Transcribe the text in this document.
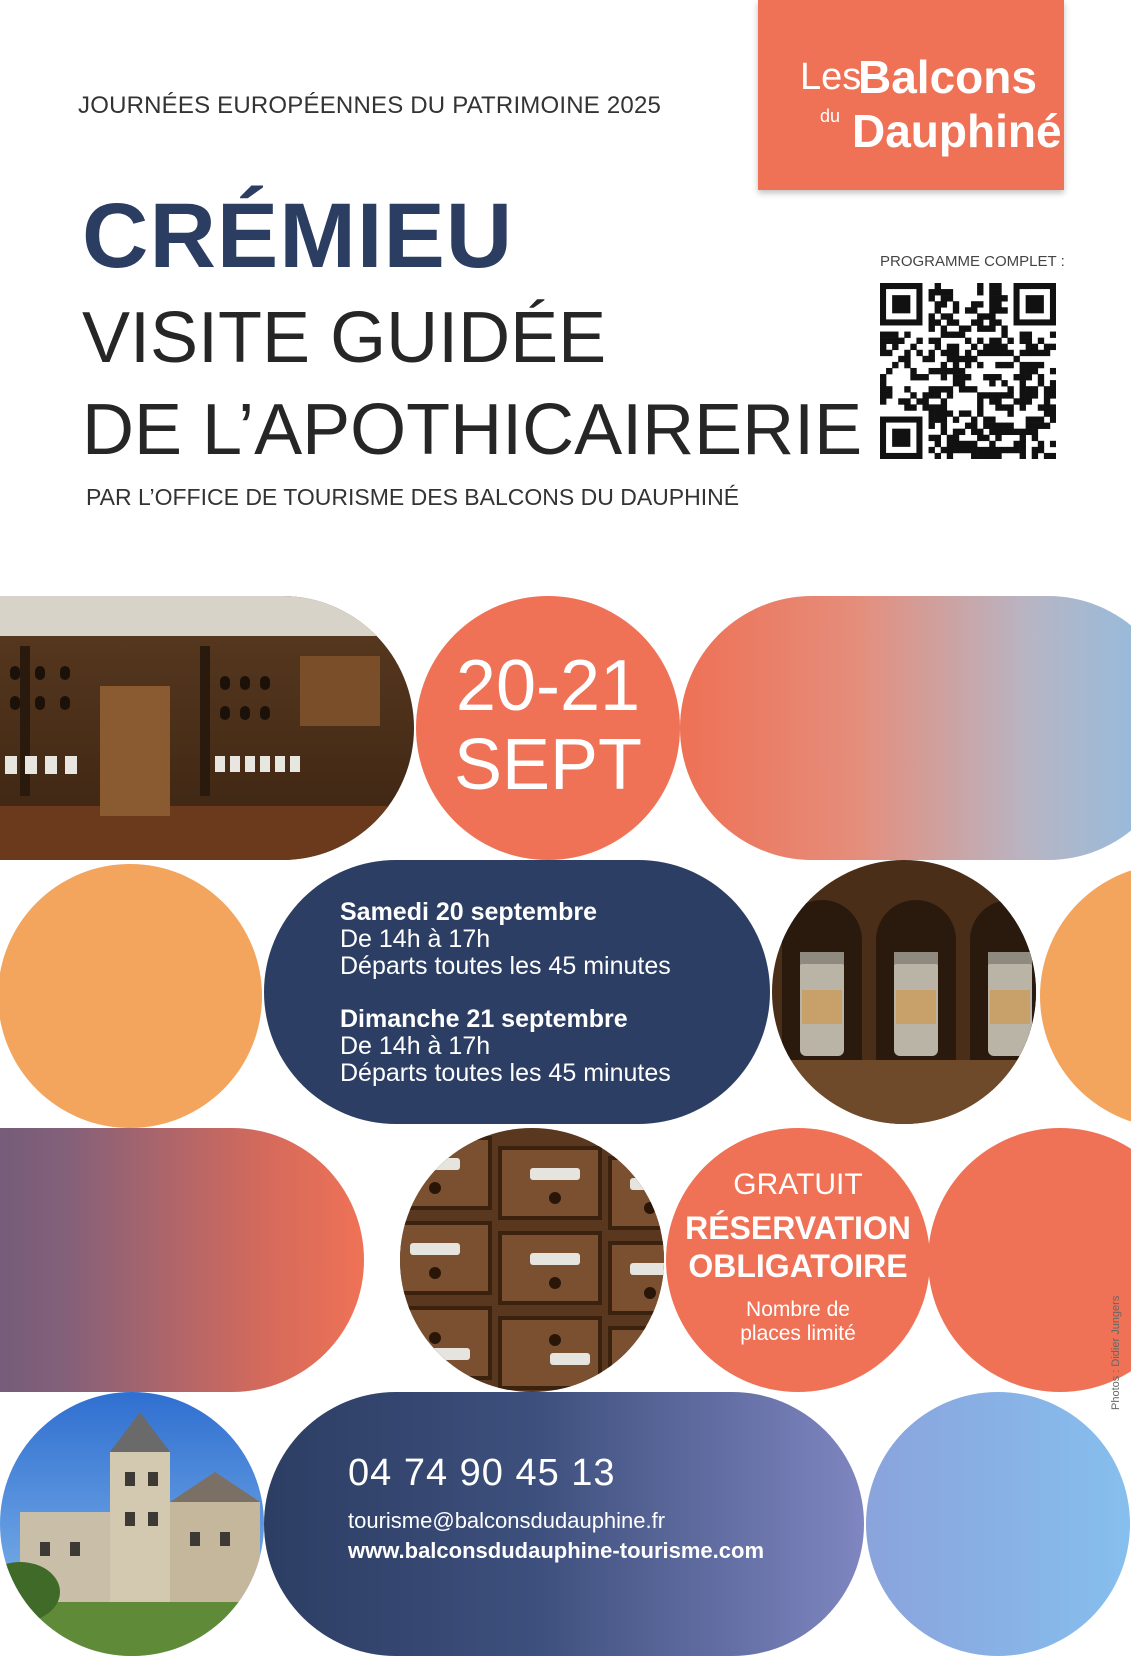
JOURNÉES EUROPÉENNES DU PATRIMOINE 2025
CRÉMIEU
VISITE GUIDÉE
DE L’APOTHICAIRERIE
PAR L’OFFICE DE TOURISME DES BALCONS DU DAUPHINÉ
Les
Balcons
du Dauphiné
PROGRAMME COMPLET :
20-21
SEPT
Samedi 20 septembre
De 14h à 17h
Départs toutes les 45 minutes
Dimanche 21 septembre
De 14h à 17h
Départs toutes les 45 minutes
GRATUIT
RÉSERVATION
OBLIGATOIRE
Nombre de
places limité
04 74 90 45 13
tourisme@balconsdudauphine.fr
www.balconsdudauphine-tourisme.com
Photos : Didier Jungers
